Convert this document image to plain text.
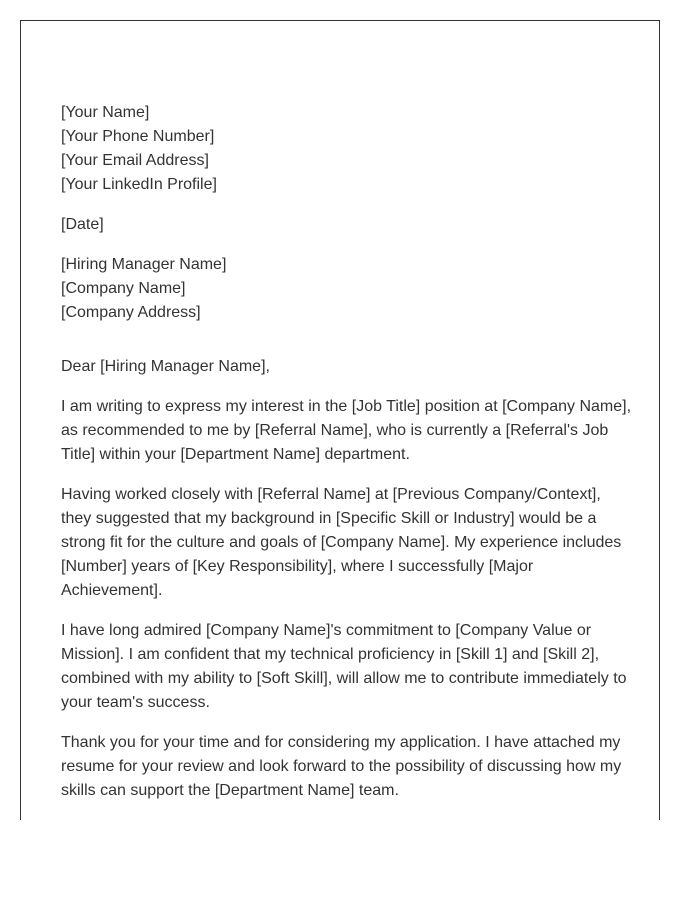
[Your Name]
[Your Phone Number]
[Your Email Address]
[Your LinkedIn Profile]
[Date]
[Hiring Manager Name]
[Company Name]
[Company Address]

Dear [Hiring Manager Name],

I am writing to express my interest in the [Job Title] position at [Company Name], as recommended to me by [Referral Name], who is currently a [Referral's Job Title] within your [Department Name] department.

Having worked closely with [Referral Name] at [Previous Company/Context], they suggested that my background in [Specific Skill or Industry] would be a strong fit for the culture and goals of [Company Name]. My experience includes [Number] years of [Key Responsibility], where I successfully [Major Achievement].

I have long admired [Company Name]'s commitment to [Company Value or Mission]. I am confident that my technical proficiency in [Skill 1] and [Skill 2], combined with my ability to [Soft Skill], will allow me to contribute immediately to your team's success.

Thank you for your time and for considering my application. I have attached my resume for your review and look forward to the possibility of discussing how my skills can support the [Department Name] team.
